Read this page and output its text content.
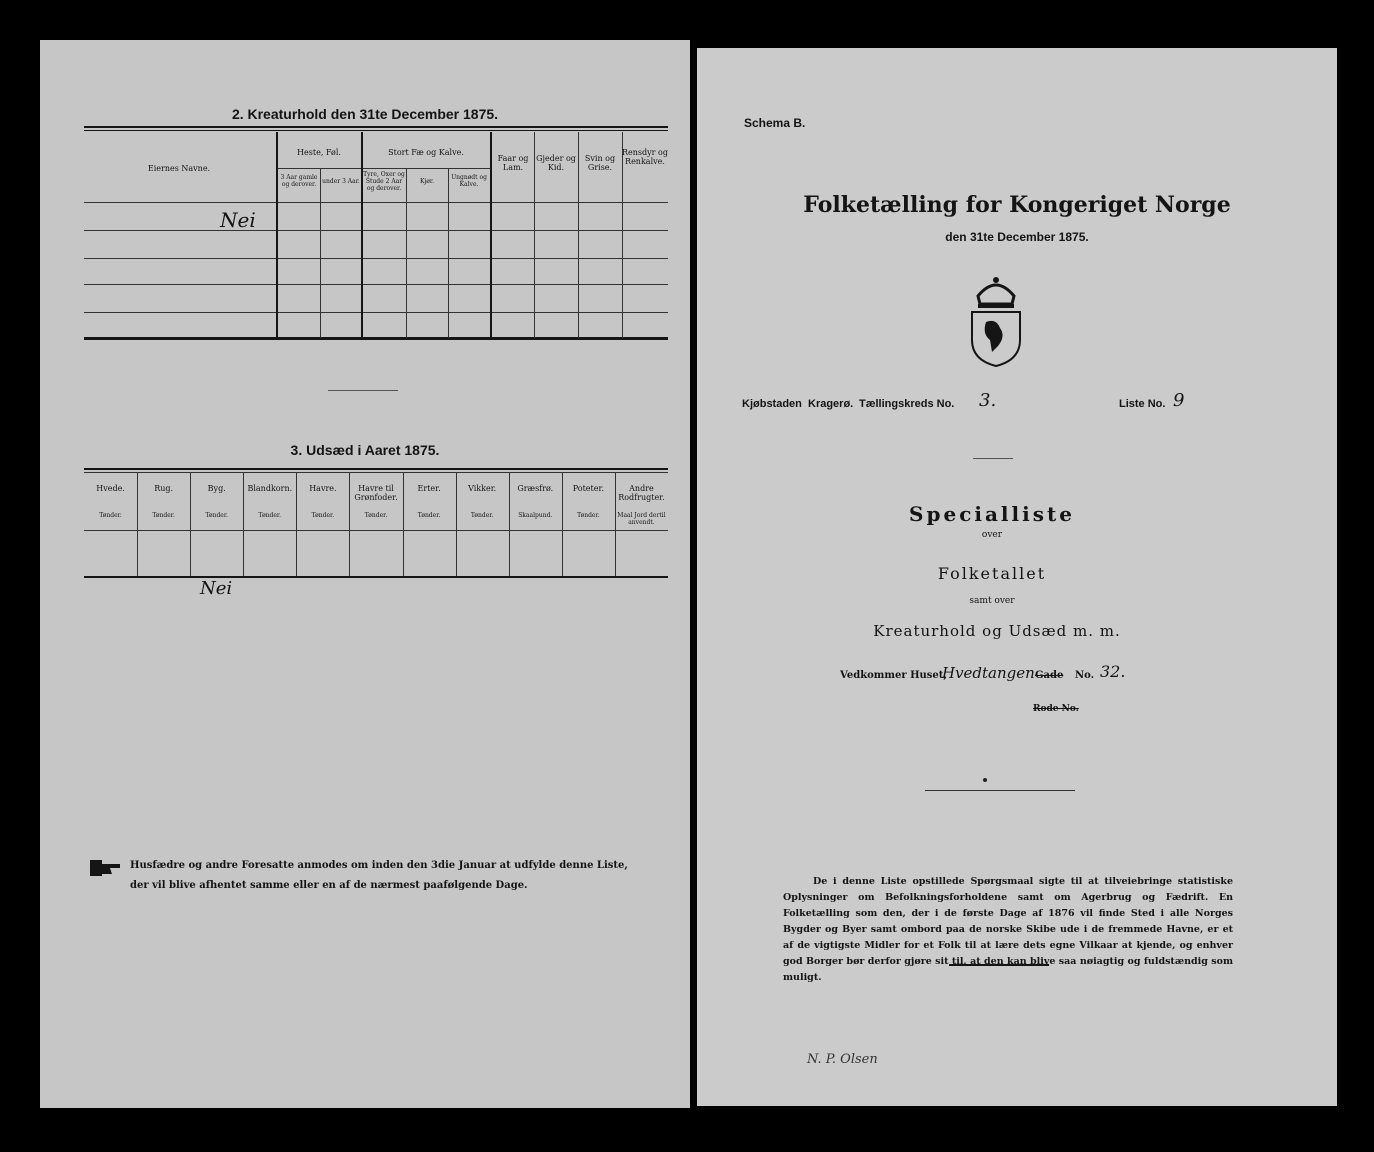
2. Kreaturhold den 31te December 1875.
Eiernes Navne.
Heste, Føl.
3 Aar gamle og derover.	under 3 Aar.
Stort Fæ og Kalve.
Tyre, Oxer og Stude 2 Aar og derover.
Kjør.
Ungnødt og Kalve.
Faar og Lam.
Gjeder og Kid.
Svin og Grise.
Rensdyr og Renkalve.
Nei
3. Udsæd i Aaret 1875.
Hvede.
Tønder.
Rug.
Tønder.
Byg.
Tønder.
Blandkorn.
Tønder.
Havre.
Tønder.
Havre til Grønfoder.
Tønder.
Erter.
Tønder.
Vikker.
Tønder.
Græsfrø.
Skaalpund.
Poteter.
Tønder.
Andre Rodfrugter.
Maal Jord dertil anvendt.
Nei
Husfædre og andre Foresatte anmodes om inden den 3die Januar at udfylde denne Liste, der vil blive afhentet samme eller en af de nærmest paafølgende Dage.
Schema B.
Folketælling for Kongeriget Norge
den 31te December 1875.
Kjøbstaden Kragerø. Tællingskreds No. 3.	Liste No. 9
Specialliste
over
Folketallet
samt over
Kreaturhold og Udsæd m. m.
Vedkommer Huset,
Hvedtangen Gade No. 32.
Rode No.
De i denne Liste opstillede Spørgsmaal sigte til at tilveiebringe statistiske Oplysninger om Befolkningsforholdene samt om Agerbrug og Fædrift. En Folketælling som den, der i de første Dage af 1876 vil finde Sted i alle Norges Bygder og Byer samt ombord paa de norske Skibe ude i de fremmede Havne, er et af de vigtigste Midler for et Folk til at lære dets egne Vilkaar at kjende, og enhver god Borger bør derfor gjøre sit til, at den kan blive saa nøiagtig og fuldstændig som muligt.
N. P. Olsen
